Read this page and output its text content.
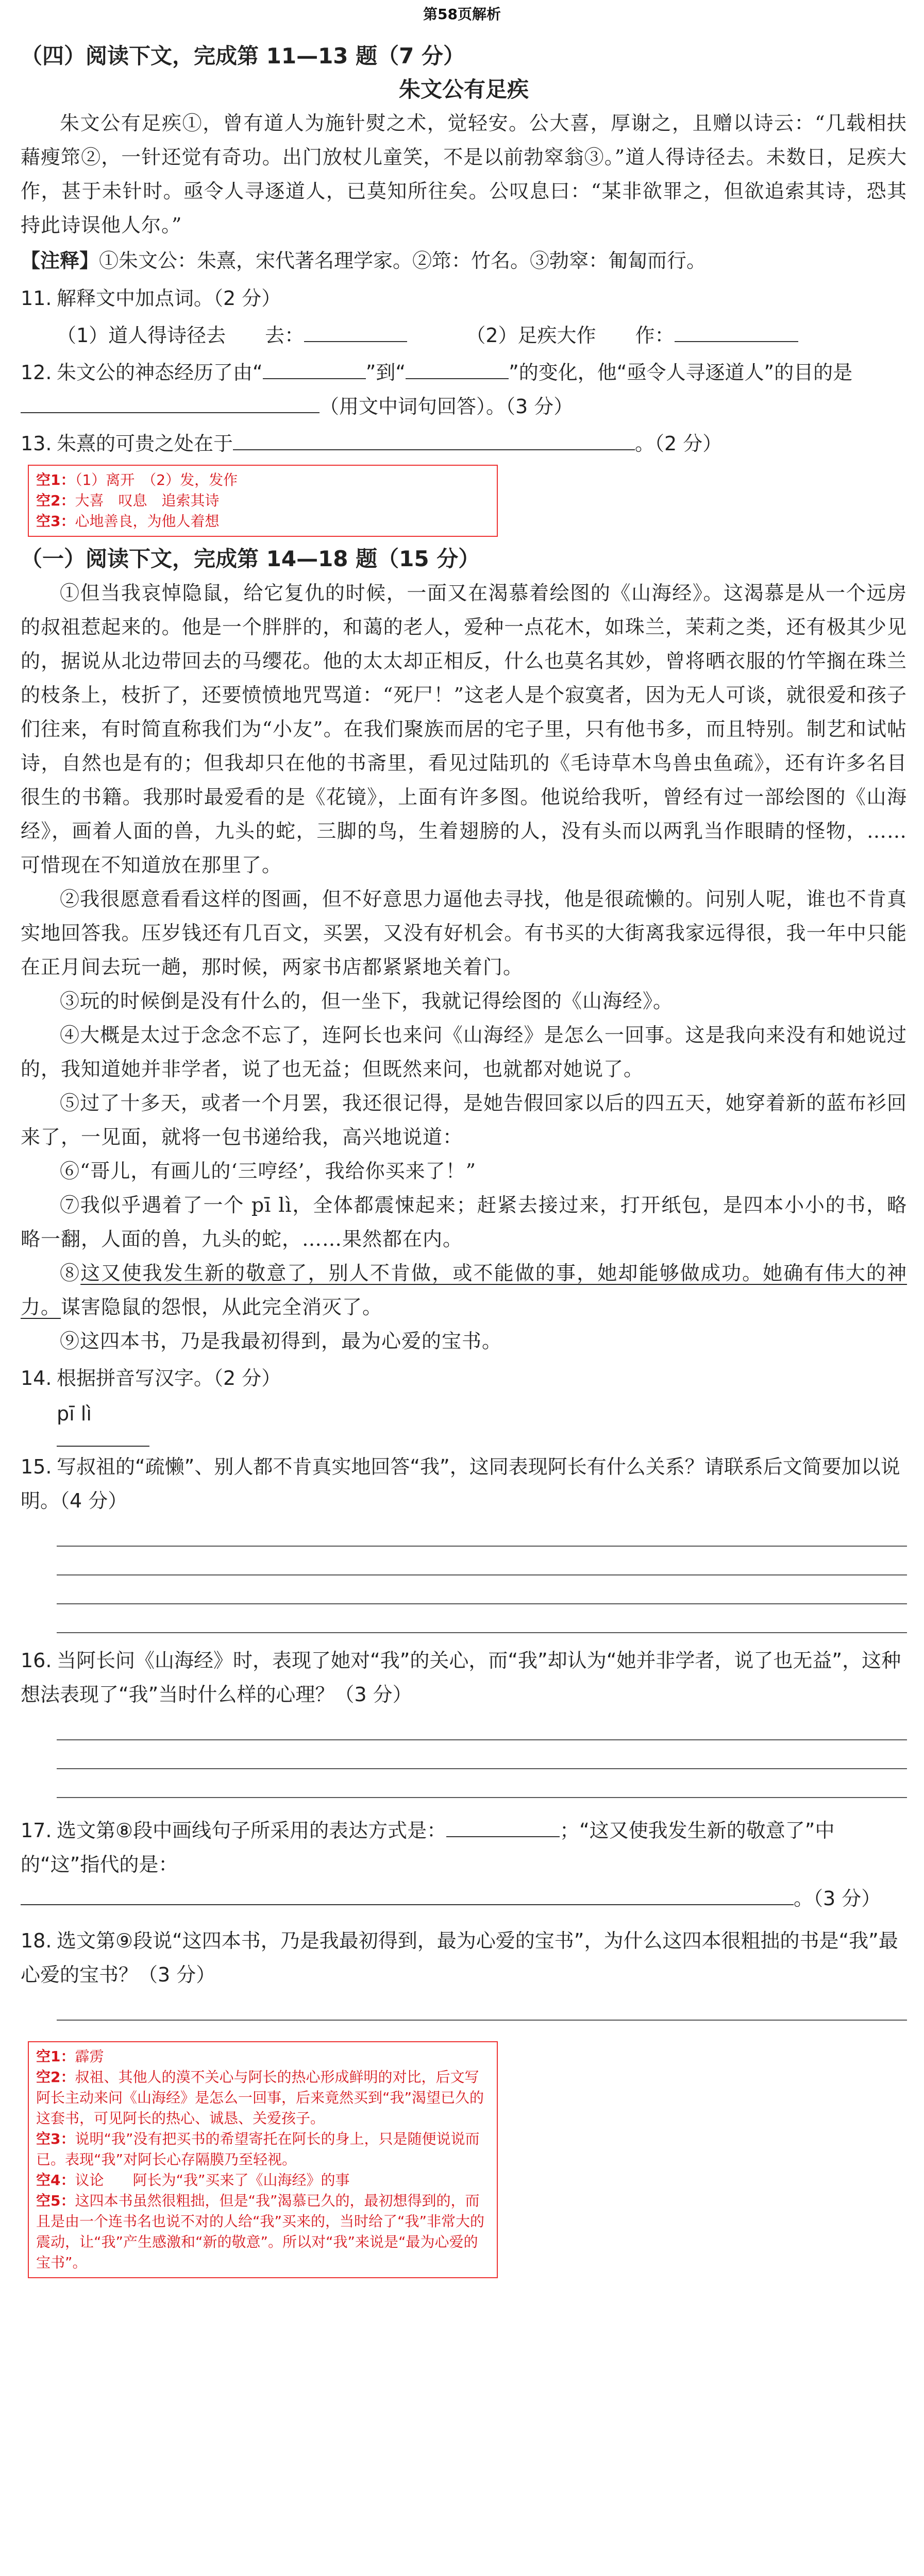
第58页解析
（四）阅读下文，完成第 11—13 题（7 分）
朱文公有足疾

朱文公有足疾①，曾有道人为施针熨之术，觉轻安。公大喜，厚谢之，且赠以诗云：“几载相扶藉瘦筇②，一针还觉有奇功。出门放杖儿童笑，不是以前勃窣翁③。”道人得诗径去。未数日，足疾大作，甚于未针时。亟令人寻逐道人，已莫知所往矣。公叹息曰：“某非欲罪之，但欲追索其诗，恐其持此诗误他人尔。”

【注释】①朱文公：朱熹，宋代著名理学家。②筇：竹名。③勃窣：匍匐而行。
11. 解释文中加点词。（2 分）
（1）道人得诗径去　　去：	（2）足疾大作　　作：
12. 朱文公的神态经历了由“	”到“	”的变化，他“亟令人寻逐道人”的目的是（用文中词句回答）。（3 分）
13. 朱熹的可贵之处在于	。（2 分）
空1：（1）离开　（2）发，发作
空2：大喜　叹息　追索其诗
空3：心地善良，为他人着想
（一）阅读下文，完成第 14—18 题（15 分）

①但当我哀悼隐鼠，给它复仇的时候，一面又在渴慕着绘图的《山海经》。这渴慕是从一个远房的叔祖惹起来的。他是一个胖胖的，和蔼的老人，爱种一点花木，如珠兰，茉莉之类，还有极其少见的，据说从北边带回去的马缨花。他的太太却正相反，什么也莫名其妙，曾将晒衣服的竹竿搁在珠兰的枝条上，枝折了，还要愤愤地咒骂道：“死尸！”这老人是个寂寞者，因为无人可谈，就很爱和孩子们往来，有时简直称我们为“小友”。在我们聚族而居的宅子里，只有他书多，而且特别。制艺和试帖诗，自然也是有的；但我却只在他的书斋里，看见过陆玑的《毛诗草木鸟兽虫鱼疏》，还有许多名目很生的书籍。我那时最爱看的是《花镜》，上面有许多图。他说给我听，曾经有过一部绘图的《山海经》，画着人面的兽，九头的蛇，三脚的鸟，生着翅膀的人，没有头而以两乳当作眼睛的怪物，……可惜现在不知道放在那里了。

②我很愿意看看这样的图画，但不好意思力逼他去寻找，他是很疏懒的。问别人呢，谁也不肯真实地回答我。压岁钱还有几百文，买罢，又没有好机会。有书买的大街离我家远得很，我一年中只能在正月间去玩一趟，那时候，两家书店都紧紧地关着门。

③玩的时候倒是没有什么的，但一坐下，我就记得绘图的《山海经》。

④大概是太过于念念不忘了，连阿长也来问《山海经》是怎么一回事。这是我向来没有和她说过的，我知道她并非学者，说了也无益；但既然来问，也就都对她说了。

⑤过了十多天，或者一个月罢，我还很记得，是她告假回家以后的四五天，她穿着新的蓝布衫回来了，一见面，就将一包书递给我，高兴地说道：

⑥“哥儿，有画儿的‘三哼经’，我给你买来了！”

⑦我似乎遇着了一个 pī lì，全体都震悚起来；赶紧去接过来，打开纸包，是四本小小的书，略略一翻，人面的兽，九头的蛇，……果然都在内。

⑧这又使我发生新的敬意了，别人不肯做，或不能做的事，她却能够做成功。她确有伟大的神力。谋害隐鼠的怨恨，从此完全消灭了。

⑨这四本书，乃是我最初得到，最为心爱的宝书。

14. 根据拼音写汉字。（2 分）
pī lì
15. 写叔祖的“疏懒”、别人都不肯真实地回答“我”，这同表现阿长有什么关系？请联系后文简要加以说明。（4 分）
16. 当阿长问《山海经》时，表现了她对“我”的关心，而“我”却认为“她并非学者，说了也无益”，这种想法表现了“我”当时什么样的心理？（3 分）
17. 选文第⑧段中画线句子所采用的表达方式是：	；“这又使我发生新的敬意了”中的“这”指代的是：。（3 分）
18. 选文第⑨段说“这四本书，乃是我最初得到，最为心爱的宝书”，为什么这四本很粗拙的书是“我”最心爱的宝书？（3 分）
空1：霹雳
空2：叔祖、其他人的漠不关心与阿长的热心形成鲜明的对比，后文写阿长主动来问《山海经》是怎么一回事，后来竟然买到“我”渴望已久的这套书，可见阿长的热心、诚恳、关爱孩子。
空3：说明“我”没有把买书的希望寄托在阿长的身上，只是随便说说而已。表现“我”对阿长心存隔膜乃至轻视。
空4：议论　　阿长为“我”买来了《山海经》的事
空5：这四本书虽然很粗拙，但是“我”渴慕已久的，最初想得到的，而且是由一个连书名也说不对的人给“我”买来的，当时给了“我”非常大的震动，让“我”产生感激和“新的敬意”。所以对“我”来说是“最为心爱的宝书”。
